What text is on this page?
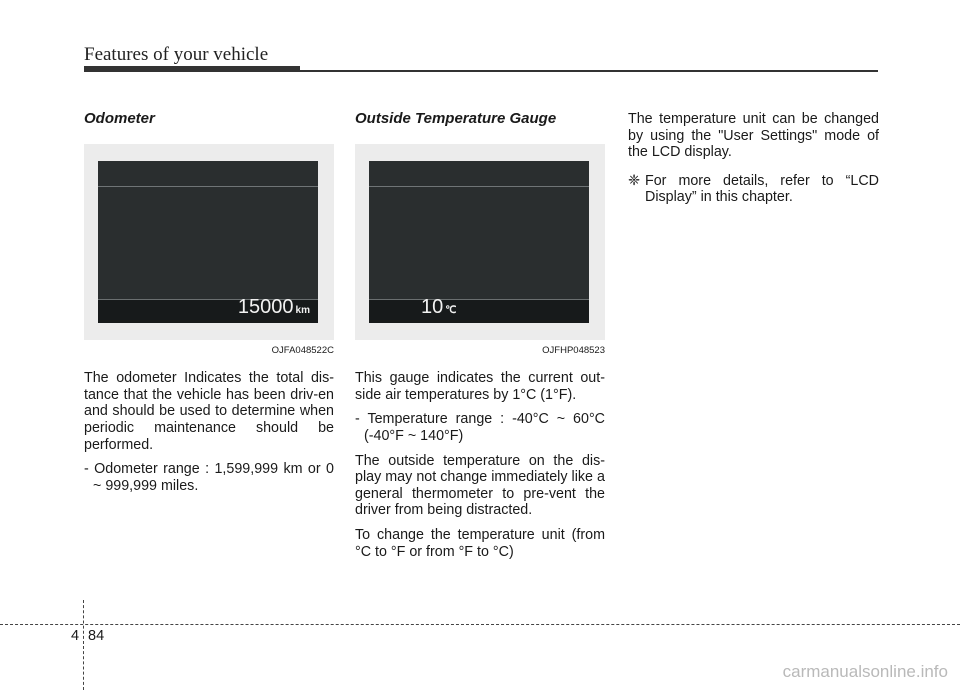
Features of your vehicle
Odometer
15000 km
OJFA048522C

The odometer Indicates the total dis-tance that the vehicle has been driv-en and should be used to determine when periodic maintenance should be performed.

- Odometer range : 1,599,999 km or 0 ~ 999,999 miles.

Outside Temperature Gauge
10 ℃
OJFHP048523

This gauge indicates the current out-side air temperatures by 1°C (1°F).

- Temperature range : -40°C ~ 60°C (-40°F ~ 140°F)

The outside temperature on the dis-play may not change immediately like a general thermometer to pre-vent the driver from being distracted.

To change the temperature unit (from °C to °F or from °F to °C)

The temperature unit can be changed by using the "User Settings" mode of the LCD display.

❈ For more details, refer to “LCD Display” in this chapter.
4 84
carmanualsonline.info
